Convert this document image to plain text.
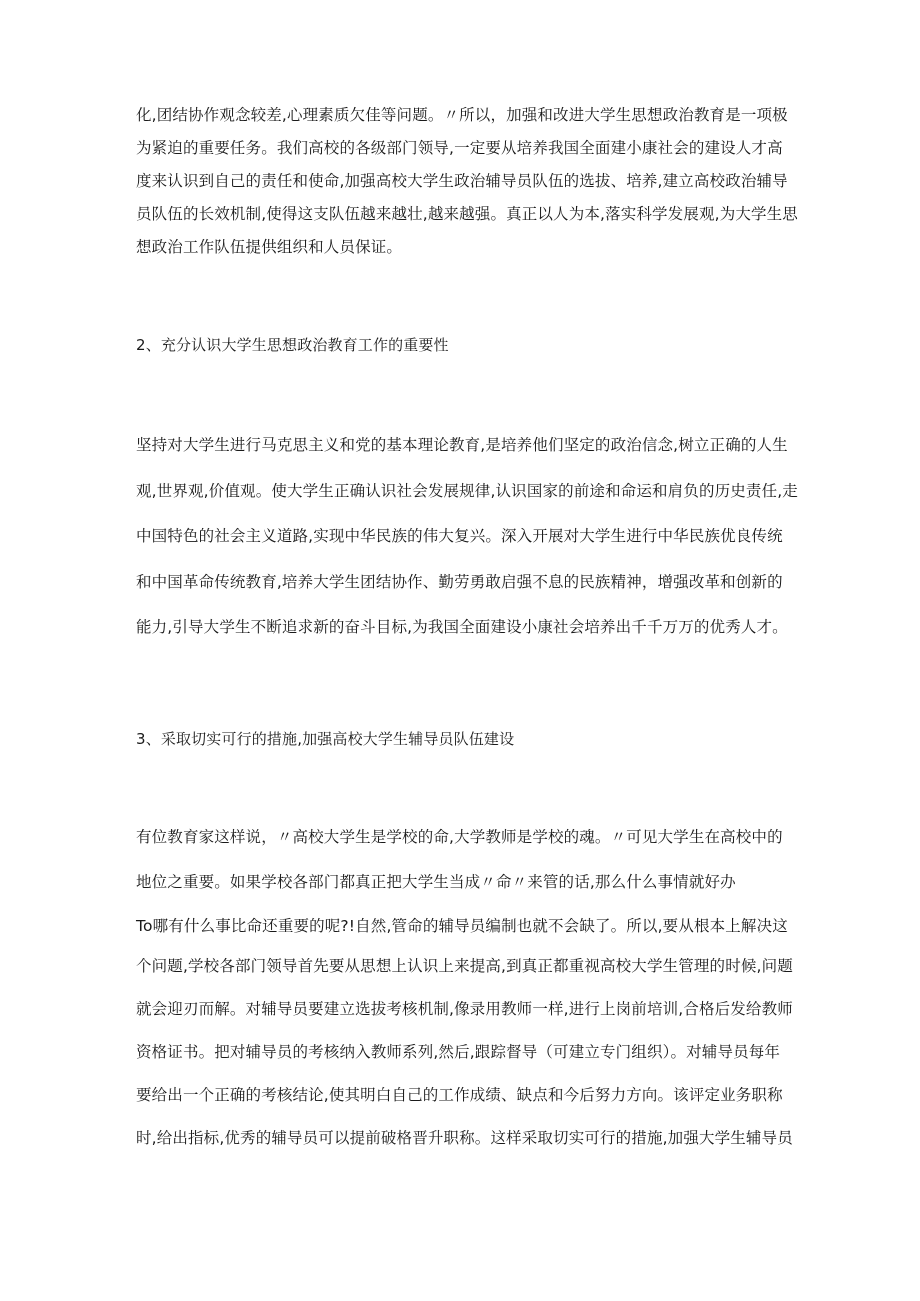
化,团结协作观念较差,心理素质欠佳等问题。〃所以，加强和改进大学生思想政治教育是一项极
为紧迫的重要任务。我们高校的各级部门领导,一定要从培养我国全面建小康社会的建设人才高
度来认识到自己的责任和使命,加强高校大学生政治辅导员队伍的选拔、培养,建立高校政治辅导
员队伍的长效机制,使得这支队伍越来越壮,越来越强。真正以人为本,落实科学发展观,为大学生思
想政治工作队伍提供组织和人员保证。
2、充分认识大学生思想政治教育工作的重要性
坚持对大学生进行马克思主义和党的基本理论教育,是培养他们坚定的政治信念,树立正确的人生
观,世界观,价值观。使大学生正确认识社会发展规律,认识国家的前途和命运和肩负的历史责任,走
中国特色的社会主义道路,实现中华民族的伟大复兴。深入开展对大学生进行中华民族优良传统
和中国革命传统教育,培养大学生团结协作、勤劳勇敢启强不息的民族精神，增强改革和创新的
能力,引导大学生不断追求新的奋斗目标,为我国全面建设小康社会培养出千千万万的优秀人才。
3、采取切实可行的措施,加强高校大学生辅导员队伍建设
有位教育家这样说，〃高校大学生是学校的命,大学教师是学校的魂。〃可见大学生在高校中的
地位之重要。如果学校各部门都真正把大学生当成〃命〃来管的话,那么什么事情就好办
To哪有什么事比命还重要的呢?!自然,管命的辅导员编制也就不会缺了。所以,要从根本上解决这
个问题,学校各部门领导首先要从思想上认识上来提高,到真正都重视高校大学生管理的时候,问题
就会迎刃而解。对辅导员要建立选拔考核机制,像录用教师一样,进行上岗前培训,合格后发给教师
资格证书。把对辅导员的考核纳入教师系列,然后,跟踪督导（可建立专门组织）。对辅导员每年
要给出一个正确的考核结论,使其明白自己的工作成绩、缺点和今后努力方向。该评定业务职称
时,给出指标,优秀的辅导员可以提前破格晋升职称。这样采取切实可行的措施,加强大学生辅导员
